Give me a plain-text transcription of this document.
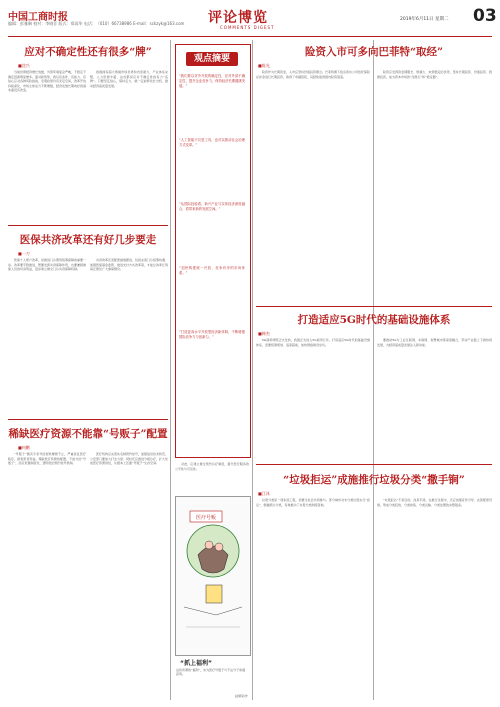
中国工商时报
编辑：彭雅琳 校对：李晓菲 版式：郑雨华 电话：（010）66738986 E-mail：sckzyk@163.com 评论博览
COMMENTS DIGEST
2019年6月11日 星期二 03
应对不确定性还有很多“牌”
■沈兴
当前世界经济增长放缓，外部环境复杂严峻，不稳定不确定因素明显增多。面对新形势，我们有条件、有能力、有信心应对各种风险挑战，宏观政策仍有充足空间，改革开放持续深化，市场主体活力不断增强，经济发展长期向好的基本面没有改变。
我国拥有超大规模市场优势和内需潜力，产业体系完整，人力资源丰富，这些都是应对不确定性的有力“底牌”。只要坚定信心，保持定力，就一定能够化危为机，推动经济高质量发展。
医保共济改革还有好几步要走
■一刀
医保个人账户改革，是推进门诊费用统筹保障的重要一步。改革要平稳推进，既要发挥共济保障作用，也要兼顾参保人员的切身利益，逐步建立健全门诊共济保障机制。
共济改革还需配套措施跟进，包括完善门诊统筹待遇、加强医保基金监管、推进支付方式改革等，才能让改革红利真正惠及广大参保群众。
稀缺医疗资源不能靠“号贩子”配置
■何鹏
“号贩子”倒卖专家号的现象屡禁不止，严重扰乱医疗秩序，损害患者利益。稀缺医疗资源的配置，不能交给“号贩子”，而应依靠制度化、透明化的预约挂号机制。
医疗机构应完善实名制预约挂号，加强信息技术防范，公安部门要加大打击力度；同时还应推进分级诊疗，扩大优质医疗资源供给，从根本上压缩“号贩子”生存空间。
观点摘要
“我们要以对外开放的确定性，应对外部不确定性，提升企业竞争力，保持经济长期健康发展。”
“人工智能不仅是工具，也可以推动社会治理方式变革。”
“从国际经验看，新兴产业与实体经济深度融合，将带来新的发展空间。”
“加快构建统一开放、竞争有序的市场体系。”
“打造更高水平开放型经济新体制，不断增强国际竞争力与创新力。”
对此，应建立健全预约诊疗制度，提升医疗服务的公平性与可及性。
医疗号贩
“抓上福利”
这些所谓的“福利”，实为医疗号贩子与不法分子串通获利。
赵顺荣/作
险资入市可多向巴菲特“取经”
■陈光
险资作为长期资金，入市应坚持价值投资理念。巴菲特旗下伯克希尔公司依托保险浮存金进行长期投资，取得了卓越回报，其经验值得国内险资借鉴。
险资应发挥资金期限长、规模大、来源稳定的优势，坚持长期投资、价值投资、稳健投资，成为资本市场的“压舱石”和“稳定器”。
打造适应5G时代的基础设施体系
■韩杰
5G商用牌照正式发放，我国正式进入5G商用元年。打造适应5G时代的基础设施体系，需要统筹规划、适度超前，加快网络建设步伐。
要推动5G与工业互联网、车联网、智慧城市等深度融合，带动产业链上下游协同发展，为经济高质量发展注入新动能。
“垃圾拒运”成施推行垃圾分类“撒手锏”
■江沐
垃圾分类是一项系统工程，需要全社会共同参与。部分城市对未分类垃圾实行“拒运”，倒逼源头分类，有效推动了垃圾分类制度落地。
“垃圾拒运”不是目的，而是手段。在推行过程中，还应加强宣传引导、完善配套设施，形成分类投放、分类收集、分类运输、分类处理的完整链条。
